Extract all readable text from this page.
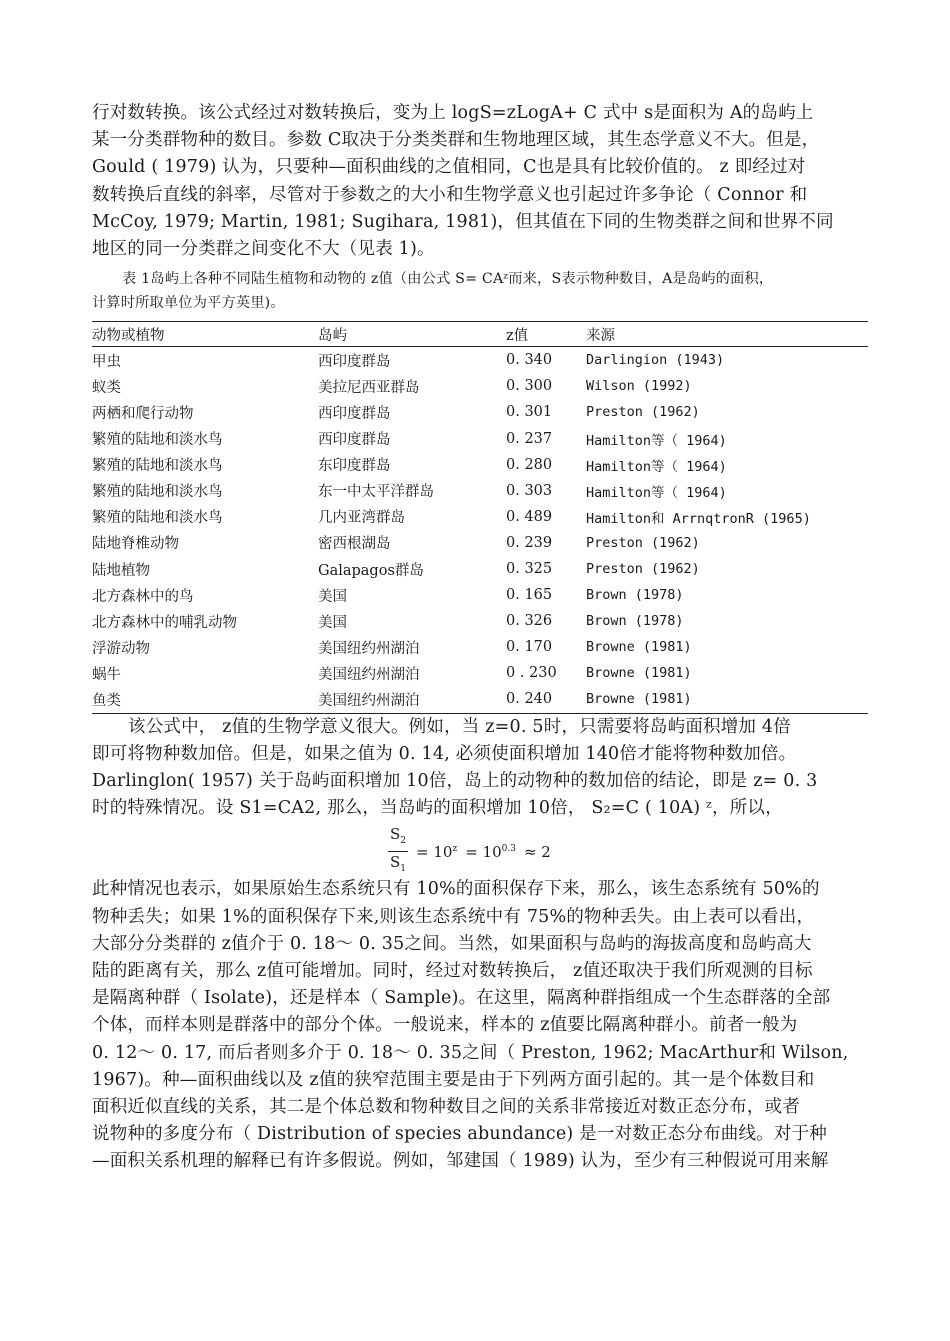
行对数转换。该公式经过对数转换后，变为上 logS=zLogA+ C 式中 s是面积为 A的岛屿上
某一分类群物种的数目。参数 C取决于分类类群和生物地理区域，其生态学意义不大。但是，
Gould ( 1979) 认为，只要种—面积曲线的之值相同，C也是具有比较价值的。 z 即经过对
数转换后直线的斜率，尽管对于参数之的大小和生物学意义也引起过许多争论（ Connor 和
McCoy, 1979; Martin, 1981; Sugihara, 1981)，但其值在下同的生物类群之间和世界不同
地区的同一分类群之间变化不大（见表 1)。

表 1岛屿上各种不同陆生植物和动物的 z值（由公式 S= CAᶻ而来，S表示物种数目，A是岛屿的面积，
计算时所取单位为平方英里)。

动物或植物	岛屿	z值	来源
甲虫	西印度群岛	0. 340	Darlingion (1943)
蚁类	美拉尼西亚群岛	0. 300	Wilson (1992)
两栖和爬行动物	西印度群岛	0. 301	Preston (1962)
繁殖的陆地和淡水鸟	西印度群岛	0. 237	Hamilton等（ 1964)
繁殖的陆地和淡水鸟	东印度群岛	0. 280	Hamilton等（ 1964)
繁殖的陆地和淡水鸟	东一中太平洋群岛	0. 303	Hamilton等（ 1964)
繁殖的陆地和淡水鸟	几内亚湾群岛	0. 489	Hamilton和 ArrnqtronR (1965)
陆地脊椎动物	密西根湖岛	0. 239	Preston (1962)
陆地植物	Galapagos群岛	0. 325	Preston (1962)
北方森林中的鸟	美国	0. 165	Brown (1978)
北方森林中的哺乳动物	美国	0. 326	Brown (1978)
浮游动物	美国纽约州湖泊	0. 170	Browne (1981)
蜗牛	美国纽约州湖泊	0 . 230	Browne (1981)
鱼类	美国纽约州湖泊	0. 240	Browne (1981)

该公式中， z值的生物学意义很大。例如，当 z=0. 5时，只需要将岛屿面积增加 4倍
即可将物种数加倍。但是，如果之值为 0. 14, 必须使面积增加 140倍才能将物种数加倍。
Darlinglon( 1957) 关于岛屿面积增加 10倍，岛上的动物种的数加倍的结论，即是 z= 0. 3
时的特殊情况。设 S1=CA2, 那么，当岛屿的面积增加 10倍， S₂=C ( 10A) ᶻ，所以，

$\frac{S_2}{S_1} = 10^z = 10^{0.3} \approx 2$

此种情况也表示，如果原始生态系统只有 10%的面积保存下来，那么，该生态系统有 50%的
物种丢失；如果 1%的面积保存下来,则该生态系统中有 75%的物种丢失。由上表可以看出，
大部分分类群的 z值介于 0. 18～ 0. 35之间。当然，如果面积与岛屿的海拔高度和岛屿高大
陆的距离有关，那么 z值可能增加。同时，经过对数转换后， z值还取决于我们所观测的目标
是隔离种群（ Isolate)，还是样本（ Sample)。在这里，隔离种群指组成一个生态群落的全部
个体，而样本则是群落中的部分个体。一般说来，样本的 z值要比隔离种群小。前者一般为
0. 12～ 0. 17, 而后者则多介于 0. 18～ 0. 35之间（ Preston, 1962; MacArthur和 Wilson,
1967)。种—面积曲线以及 z值的狭窄范围主要是由于下列两方面引起的。其一是个体数目和
面积近似直线的关系，其二是个体总数和物种数目之间的关系非常接近对数正态分布，或者
说物种的多度分布（ Distribution of species abundance) 是一对数正态分布曲线。对于种
—面积关系机理的解释已有许多假说。例如，邹建国（ 1989) 认为，至少有三种假说可用来解
